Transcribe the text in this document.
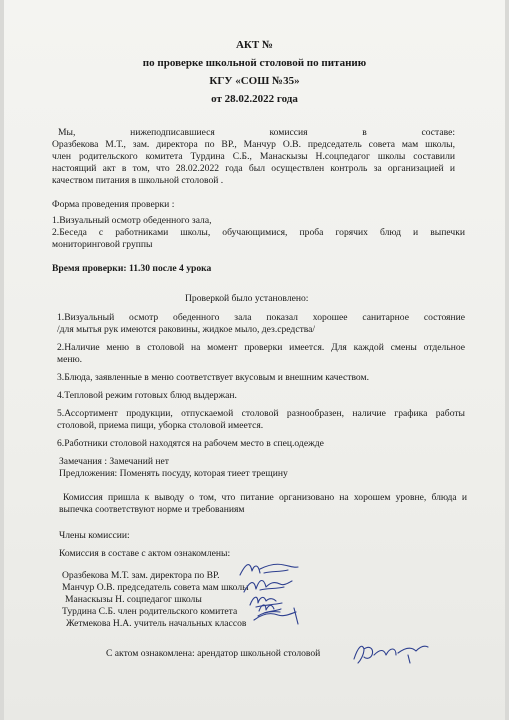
АКТ №
по проверке школьной столовой по питанию
КГУ «СОШ №35»
от 28.02.2022 года
Мы,	нижеподписавшиеся	комиссия	в	составе:
Оразбекова М.Т., зам. директора по ВР., Манчур О.В. председатель совета мам школы,
член родительского комитета Турдина С.Б., Манаскызы Н.соцпедагог школы составили
настоящий акт в том, что 28.02.2022 года был осуществлен контроль за организацией и
качеством питания в школьной столовой .
Форма проведения проверки :
1.Визуальный осмотр обеденного зала,
2.Беседа с работниками школы, обучающимися, проба горячих блюд и выпечки
мониторинговой группы
Время проверки: 11.30 после 4 урока
Проверкой было установлено:
1.Визуальный осмотр обеденного зала показал хорошее санитарное состояние
/для мытья рук имеются раковины, жидкое мыло, дез.средства/
2.Наличие меню в столовой на момент проверки имеется. Для каждой смены отдельное
меню.
3.Блюда, заявленные в меню соответствует вкусовым и внешним качеством.
4.Тепловой режим готовых блюд выдержан.
5.Ассортимент продукции, отпускаемой столовой разнообразен, наличие графика работы
столовой, приема пищи, уборка столовой имеется.
6.Работники столовой находятся на рабочем место в спец.одежде
Замечания : Замечаний нет
Предложения: Поменять посуду, которая тиеет трещину
Комиссия пришла к выводу о том, что питание организовано на хорошем уровне, блюда и
выпечка соответствуют норме и требованиям
Члены комиссии:
Комиссия в составе с актом ознакомлены:
Оразбекова М.Т. зам. директора по ВР.
Манчур О.В. председатель совета мам школы
Манаскызы Н. соцпедагог школы
Турдина С.Б. член родительского комитета
Жетмекова Н.А. учитель начальных классов
С актом ознакомлена: арендатор школьной столовой
